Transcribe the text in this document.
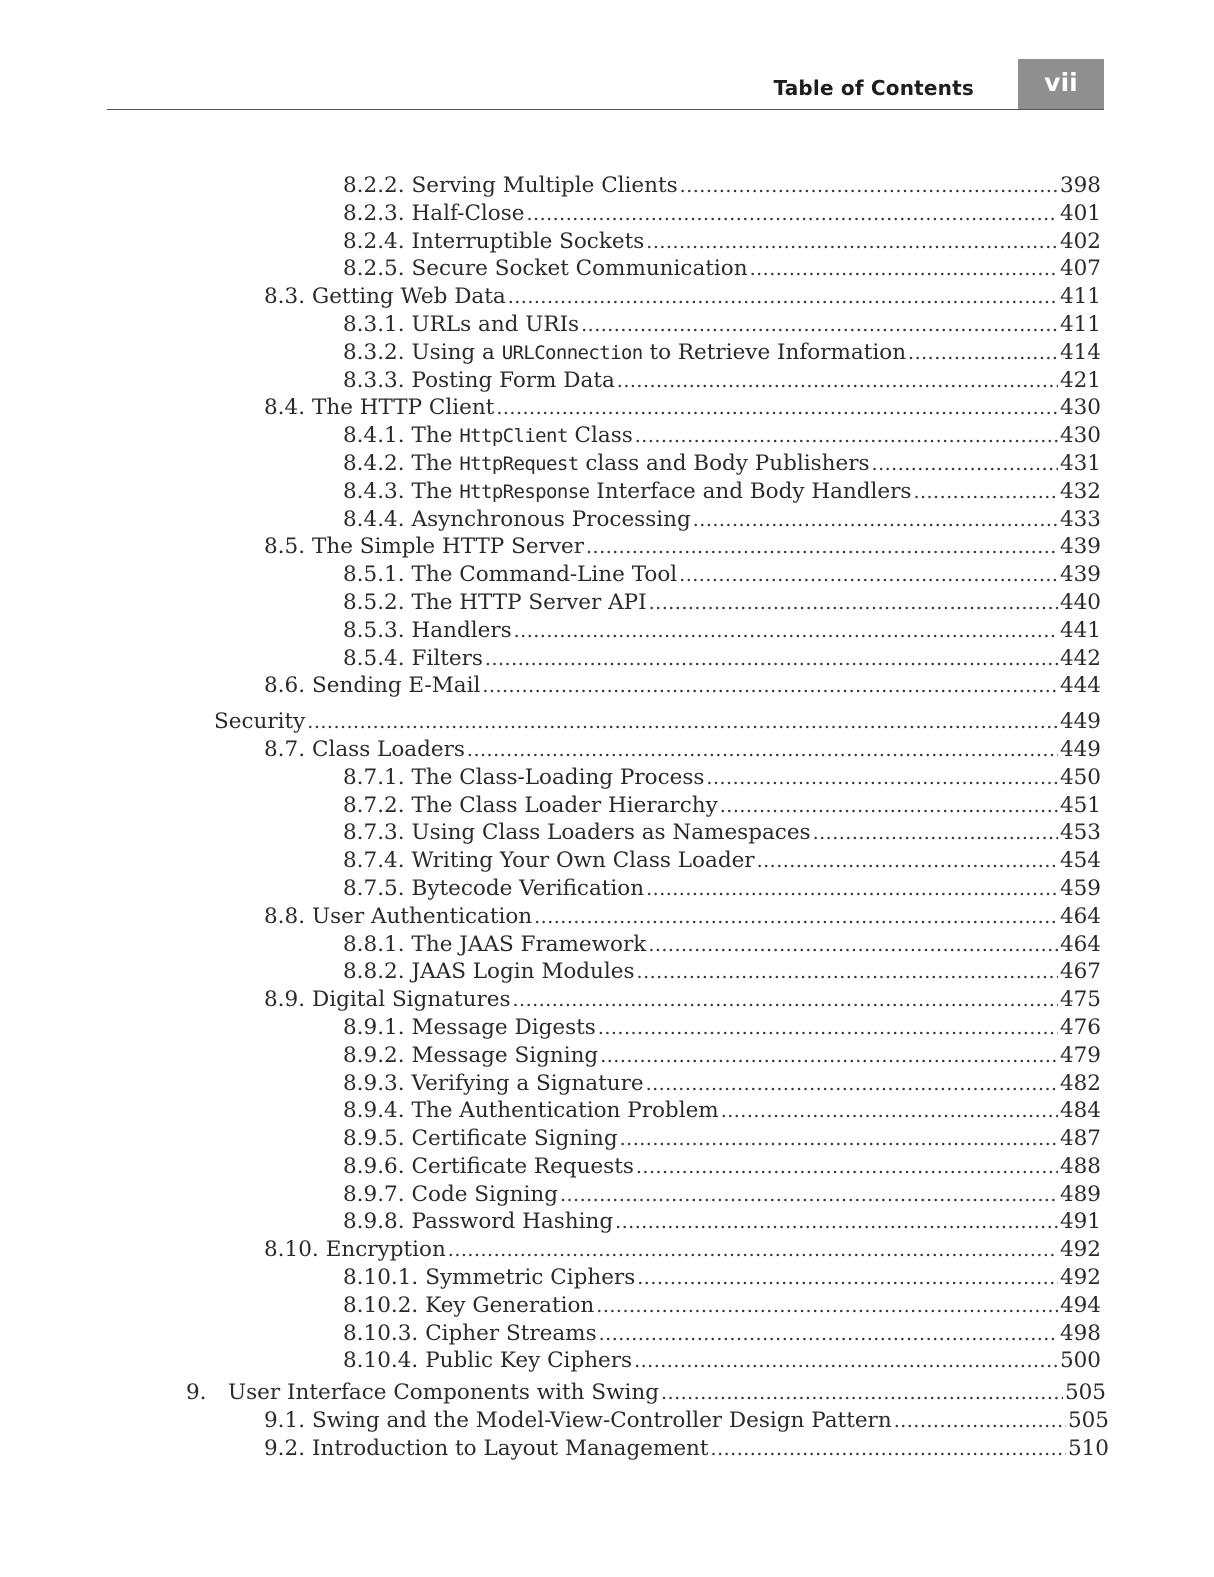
Table of Contents	vii
8.2.2. Serving Multiple Clients .....	398
8.2.3. Half-Close .....	401
8.2.4. Interruptible Sockets .....	402
8.2.5. Secure Socket Communication .....	407
8.3. Getting Web Data .....	411
8.3.1. URLs and URIs .....	411
8.3.2. Using a URLConnection to Retrieve Information .....	414
8.3.3. Posting Form Data .....	421
8.4. The HTTP Client .....	430
8.4.1. The HttpClient Class .....	430
8.4.2. The HttpRequest class and Body Publishers .....	431
8.4.3. The HttpResponse Interface and Body Handlers .....	432
8.4.4. Asynchronous Processing .....	433
8.5. The Simple HTTP Server .....	439
8.5.1. The Command-Line Tool .....	439
8.5.2. The HTTP Server API .....	440
8.5.3. Handlers .....	441
8.5.4. Filters .....	442
8.6. Sending E-Mail .....	444
Security .....	449
8.7. Class Loaders .....	449
8.7.1. The Class-Loading Process .....	450
8.7.2. The Class Loader Hierarchy .....	451
8.7.3. Using Class Loaders as Namespaces .....	453
8.7.4. Writing Your Own Class Loader .....	454
8.7.5. Bytecode Verification .....	459
8.8. User Authentication .....	464
8.8.1. The JAAS Framework .....	464
8.8.2. JAAS Login Modules .....	467
8.9. Digital Signatures .....	475
8.9.1. Message Digests .....	476
8.9.2. Message Signing .....	479
8.9.3. Verifying a Signature .....	482
8.9.4. The Authentication Problem .....	484
8.9.5. Certificate Signing .....	487
8.9.6. Certificate Requests .....	488
8.9.7. Code Signing .....	489
8.9.8. Password Hashing .....	491
8.10. Encryption .....	492
8.10.1. Symmetric Ciphers .....	492
8.10.2. Key Generation .....	494
8.10.3. Cipher Streams .....	498
8.10.4. Public Key Ciphers .....	500
9. User Interface Components with Swing .....	505
9.1. Swing and the Model-View-Controller Design Pattern .....	505
9.2. Introduction to Layout Management .....	510
